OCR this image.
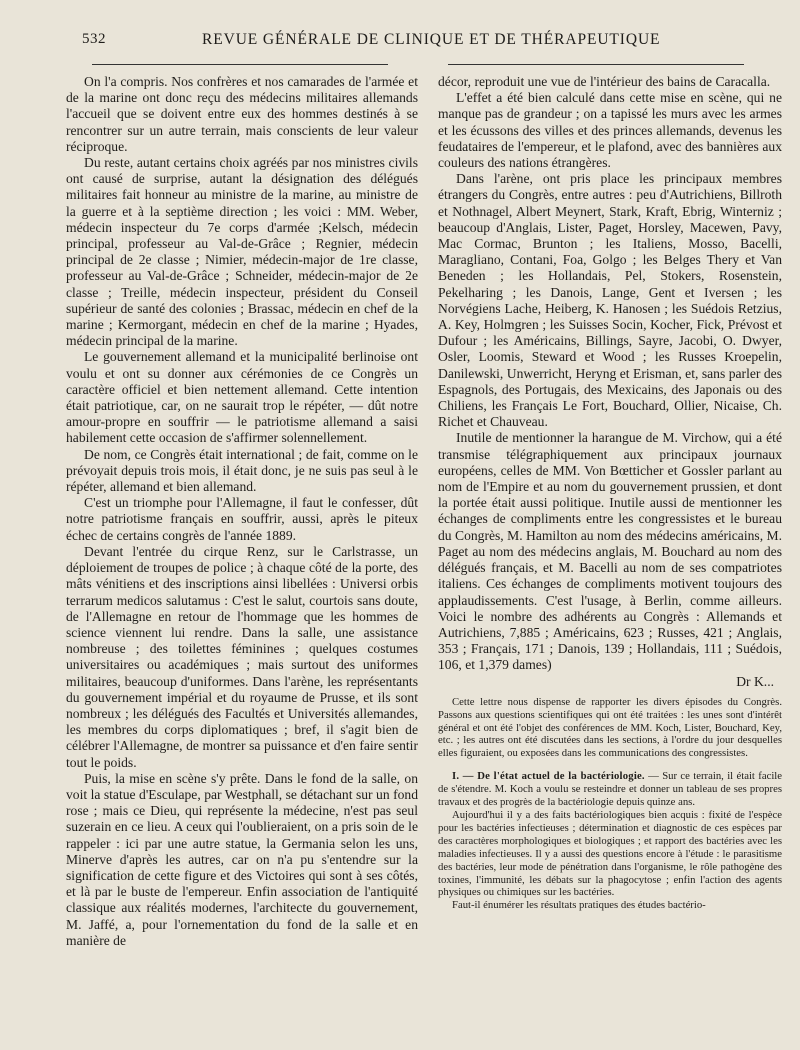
532	REVUE GÉNÉRALE DE CLINIQUE ET DE THÉRAPEUTIQUE

On l'a compris. Nos confrères et nos camarades de l'armée et de la marine ont donc reçu des médecins militaires allemands l'accueil que se doivent entre eux des hommes destinés à se rencontrer sur un autre terrain, mais conscients de leur valeur réciproque.

Du reste, autant certains choix agréés par nos ministres civils ont causé de surprise, autant la désignation des délégués militaires fait honneur au ministre de la marine, au ministre de la guerre et à la septième direction ; les voici : MM. Weber, médecin inspecteur du 7e corps d'armée ;Kelsch, médecin principal, professeur au Val-de-Grâce ; Regnier, médecin principal de 2e classe ; Nimier, médecin-major de 1re classe, professeur au Val-de-Grâce ; Schneider, médecin-major de 2e classe ; Treille, médecin inspecteur, président du Conseil supérieur de santé des colonies ; Brassac, médecin en chef de la marine ; Kermorgant, médecin en chef de la marine ; Hyades, médecin principal de la marine.

Le gouvernement allemand et la municipalité berlinoise ont voulu et ont su donner aux cérémonies de ce Congrès un caractère officiel et bien nettement allemand. Cette intention était patriotique, car, on ne saurait trop le répéter, — dût notre amour-propre en souffrir — le patriotisme allemand a saisi habilement cette occasion de s'affirmer solennellement.

De nom, ce Congrès était international ; de fait, comme on le prévoyait depuis trois mois, il était donc, je ne suis pas seul à le répéter, allemand et bien allemand.

C'est un triomphe pour l'Allemagne, il faut le confesser, dût notre patriotisme français en souffrir, aussi, après le piteux échec de certains congrès de l'année 1889.

Devant l'entrée du cirque Renz, sur le Carlstrasse, un déploiement de troupes de police ; à chaque côté de la porte, des mâts vénitiens et des inscriptions ainsi libellées : Universi orbis terrarum medicos salutamus : C'est le salut, courtois sans doute, de l'Allemagne en retour de l'hommage que les hommes de science viennent lui rendre. Dans la salle, une assistance nombreuse ; des toilettes féminines ; quelques costumes universitaires ou académiques ; mais surtout des uniformes militaires, beaucoup d'uniformes. Dans l'arène, les représentants du gouvernement impérial et du royaume de Prusse, et ils sont nombreux ; les délégués des Facultés et Universités allemandes, les membres du corps diplomatiques ; bref, il s'agit bien de célébrer l'Allemagne, de montrer sa puissance et d'en faire sentir tout le poids.

Puis, la mise en scène s'y prête. Dans le fond de la salle, on voit la statue d'Esculape, par Westphall, se détachant sur un fond rose ; mais ce Dieu, qui représente la médecine, n'est pas seul suzerain en ce lieu. A ceux qui l'oublieraient, on a pris soin de le rappeler : ici par une autre statue, la Germania selon les uns, Minerve d'après les autres, car on n'a pu s'entendre sur la signification de cette figure et des Victoires qui sont à ses côtés, et là par le buste de l'empereur. Enfin association de l'antiquité classique aux réalités modernes, l'architecte du gouvernement, M. Jaffé, a, pour l'ornementation du fond de la salle et en manière de

décor, reproduit une vue de l'intérieur des bains de Caracalla.

L'effet a été bien calculé dans cette mise en scène, qui ne manque pas de grandeur ; on a tapissé les murs avec les armes et les écussons des villes et des princes allemands, devenus les feudataires de l'empereur, et le plafond, avec des bannières aux couleurs des nations étrangères.

Dans l'arène, ont pris place les principaux membres étrangers du Congrès, entre autres : peu d'Autrichiens, Billroth et Nothnagel, Albert Meynert, Stark, Kraft, Ebrig, Winterniz ; beaucoup d'Anglais, Lister, Paget, Horsley, Macewen, Pavy, Mac Cormac, Brunton ; les Italiens, Mosso, Bacelli, Maragliano, Contani, Foa, Golgo ; les Belges Thery et Van Beneden ; les Hollandais, Pel, Stokers, Rosenstein, Pekelharing ; les Danois, Lange, Gent et Iversen ; les Norvégiens Lache, Heiberg, K. Hanosen ; les Suédois Retzius, A. Key, Holmgren ; les Suisses Socin, Kocher, Fick, Prévost et Dufour ; les Américains, Billings, Sayre, Jacobi, O. Dwyer, Osler, Loomis, Steward et Wood ; les Russes Kroepelin, Danilewski, Unwerricht, Heryng et Erisman, et, sans parler des Espagnols, des Portugais, des Mexicains, des Japonais ou des Chiliens, les Français Le Fort, Bouchard, Ollier, Nicaise, Ch. Richet et Chauveau.

Inutile de mentionner la harangue de M. Virchow, qui a été transmise télégraphiquement aux principaux journaux européens, celles de MM. Von Bœtticher et Gossler parlant au nom de l'Empire et au nom du gouvernement prussien, et dont la portée était aussi politique. Inutile aussi de mentionner les échanges de compliments entre les congressistes et le bureau du Congrès, M. Hamilton au nom des médecins américains, M. Paget au nom des médecins anglais, M. Bouchard au nom des délégués français, et M. Bacelli au nom de ses compatriotes italiens. Ces échanges de compliments motivent toujours des applaudissements. C'est l'usage, à Berlin, comme ailleurs. Voici le nombre des adhérents au Congrès : Allemands et Autrichiens, 7,885 ; Américains, 623 ; Russes, 421 ; Anglais, 353 ; Français, 171 ; Danois, 139 ; Hollandais, 111 ; Suédois, 106, et 1,379 dames)

Dr K...

Cette lettre nous dispense de rapporter les divers épisodes du Congrès. Passons aux questions scientifiques qui ont été traitées : les unes sont d'intérêt général et ont été l'objet des conférences de MM. Koch, Lister, Bouchard, Key, etc. ; les autres ont été discutées dans les sections, à l'ordre du jour desquelles elles figuraient, ou exposées dans les communications des congressistes.

I. — De l'état actuel de la bactériologie. — Sur ce terrain, il était facile de s'étendre. M. Koch a voulu se resteindre et donner un tableau de ses propres travaux et des progrès de la bactériologie depuis quinze ans.

Aujourd'hui il y a des faits bactériologiques bien acquis : fixité de l'espèce pour les bactéries infectieuses ; détermination et diagnostic de ces espèces par des caractères morphologiques et biologiques ; et rapport des bactéries avec les maladies infectieuses. Il y a aussi des questions encore à l'étude : le parasitisme des bactéries, leur mode de pénétration dans l'organisme, le rôle pathogène des toxines, l'immunité, les débats sur la phagocytose ; enfin l'action des agents physiques ou chimiques sur les bactéries.

Faut-il énumérer les résultats pratiques des études bactério-
